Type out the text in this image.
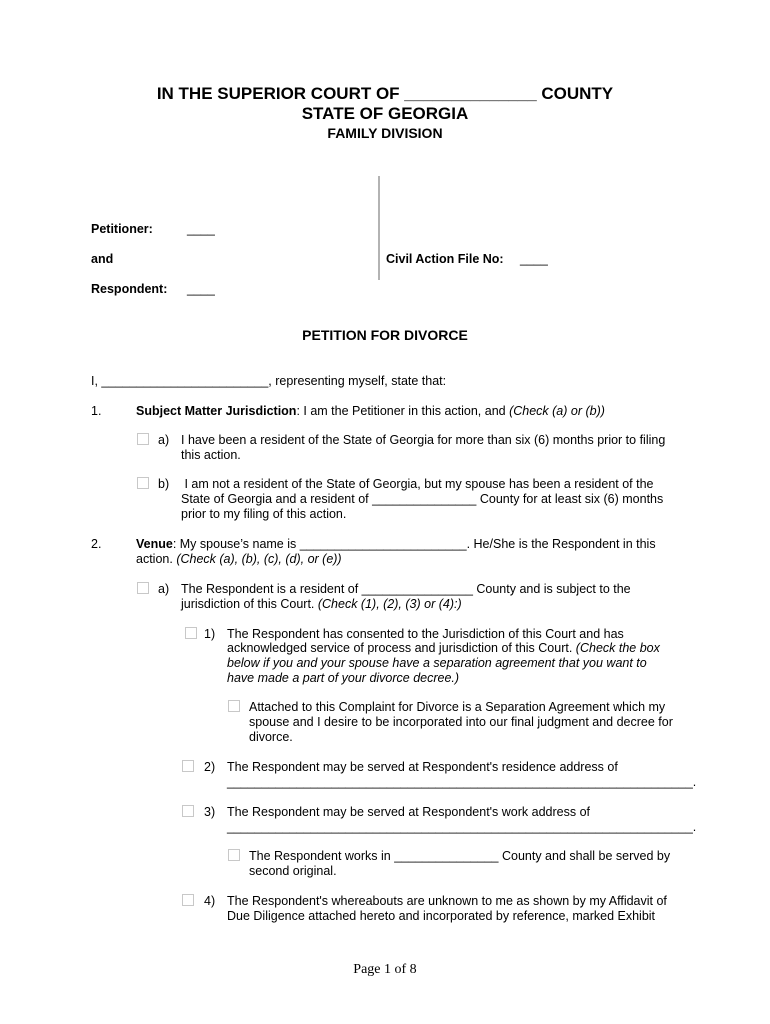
IN THE SUPERIOR COURT OF ______________ COUNTY
STATE OF GEORGIA
FAMILY DIVISION
Petitioner:	____
and
Respondent: ____
Civil Action File No: ____
PETITION FOR DIVORCE
I, ________________________, representing myself, state that:
1.	Subject Matter Jurisdiction: I am the Petitioner in this action, and (Check (a) or (b))
a) I have been a resident of the State of Georgia for more than six (6) months prior to filing
this action.
b) I am not a resident of the State of Georgia, but my spouse has been a resident of the
State of Georgia and a resident of _______________ County for at least six (6) months
prior to my filing of this action.
2.	Venue: My spouse’s name is ________________________. He/She is the Respondent in this
action. (Check (a), (b), (c), (d), or (e))
a) The Respondent is a resident of ________________ County and is subject to the
jurisdiction of this Court. (Check (1), (2), (3) or (4):)
1) The Respondent has consented to the Jurisdiction of this Court and has
acknowledged service of process and jurisdiction of this Court. (Check the box
below if you and your spouse have a separation agreement that you want to
have made a part of your divorce decree.)
Attached to this Complaint for Divorce is a Separation Agreement which my
spouse and I desire to be incorporated into our final judgment and decree for
divorce.
2) The Respondent may be served at Respondent's residence address of
___________________________________________________________________.
3) The Respondent may be served at Respondent's work address of
___________________________________________________________________.
The Respondent works in _______________ County and shall be served by
second original.
4) The Respondent's whereabouts are unknown to me as shown by my Affidavit of
Due Diligence attached hereto and incorporated by reference, marked Exhibit
Page 1 of 8
